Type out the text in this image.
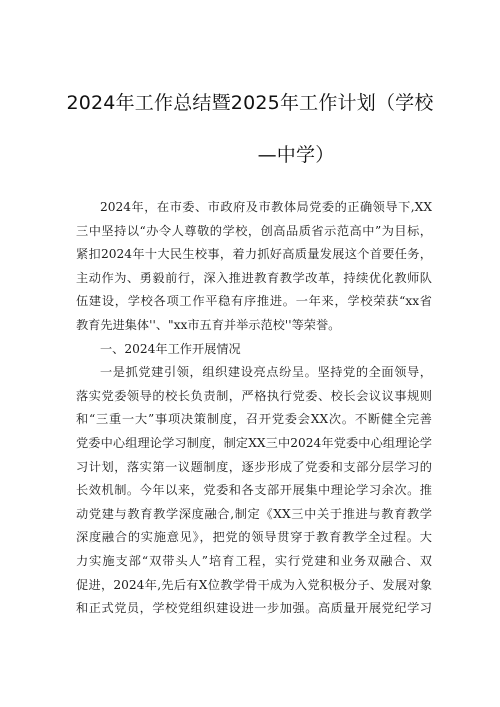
2024年工作总结暨2025年工作计划（学校
—中学）
2024年，在市委、市政府及市教体局党委的正确领导下,XX
三中坚持以“办令人尊敬的学校，创高品质省示范高中”为目标，
紧扣2024年十大民生校事，着力抓好高质量发展这个首要任务，
主动作为、勇毅前行，深入推进教育教学改革，持续优化教师队
伍建设，学校各项工作平稳有序推进。一年来，学校荣获“xx省
教育先进集体''、"xx市五育并举示范校''等荣誉。
一、2024年工作开展情况
一是抓党建引领，组织建设亮点纷呈。坚持党的全面领导，
落实党委领导的校长负责制，严格执行党委、校长会议议事规则
和“三重一大”事项决策制度，召开党委会XX次。不断健全完善
党委中心组理论学习制度，制定XX三中2024年党委中心组理论学
习计划，落实第一议题制度，逐步形成了党委和支部分层学习的
长效机制。今年以来，党委和各支部开展集中理论学习余次。推
动党建与教育教学深度融合,制定《XX三中关于推进与教育教学
深度融合的实施意见》，把党的领导贯穿于教育教学全过程。大
力实施支部“双带头人”培育工程，实行党建和业务双融合、双
促进，2024年,先后有X位教学骨干成为入党积极分子、发展对象
和正式党员，学校党组织建设进一步加强。高质量开展党纪学习
